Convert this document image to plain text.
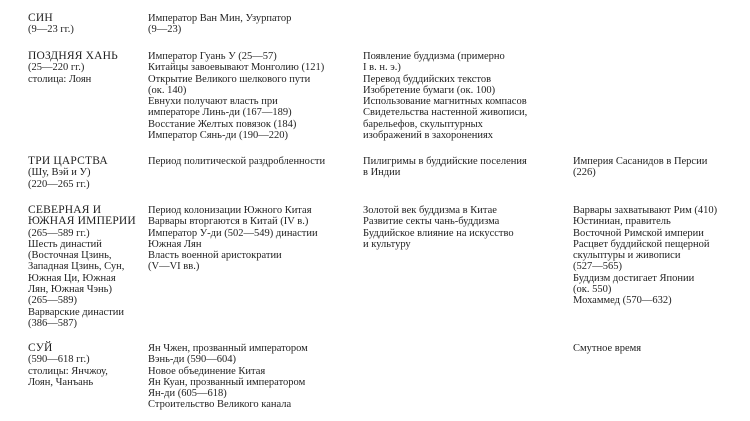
СИН
(9—23 гг.)
Император Ван Мин, Узурпатор
(9—23)
ПОЗДНЯЯ ХАНЬ
(25—220 гг.)
столица: Лоян
Император Гуань У (25—57)
Китайцы завоевывают Монголию (121)
Открытие Великого шелкового пути
(ок. 140)
Евнухи получают власть при
императоре Линь-ди (167—189)
Восстание Желтых повязок (184)
Император Сянь-ди (190—220)
Появление буддизма (примерно
I в. н. э.)
Перевод буддийских текстов
Изобретение бумаги (ок. 100)
Использование магнитных компасов
Свидетельства настенной живописи,
барельефов, скульптурных
изображений в захоронениях
ТРИ ЦАРСТВА
(Шу, Вэй и У)
(220—265 гг.)
Период политической раздробленности	Пилигримы в буддийские поселения
в Индии
Империя Сасанидов в Персии
(226)
СЕВЕРНАЯ И
ЮЖНАЯ ИМПЕРИИ
(265—589 гг.)
Шесть династий
(Восточная Цзинь,
Западная Цзинь, Сун,
Южная Ци, Южная
Лян, Южная Чэнь)
(265—589)
Варварские династии
(386—587)
Период колонизации Южного Китая
Варвары вторгаются в Китай (IV в.)
Император У-ди (502—549) династии
Южная Лян
Власть военной аристократии
(V—VI вв.)
Золотой век буддизма в Китае
Развитие секты чань-буддизма
Буддийское влияние на искусство
и культуру
Варвары захватывают Рим (410)
Юстиниан, правитель
Восточной Римской империи
Расцвет буддийской пещерной
скульптуры и живописи
(527—565)
Буддизм достигает Японии
(ок. 550)
Мохаммед (570—632)
СУЙ
(590—618 гг.)
столицы: Янчжоу,
Лоян, Чанъань
Ян Чжен, прозванный императором
Вэнь-ди (590—604)
Новое объединение Китая
Ян Куан, прозванный императором
Ян-ди (605—618)
Строительство Великого канала
Смутное время
